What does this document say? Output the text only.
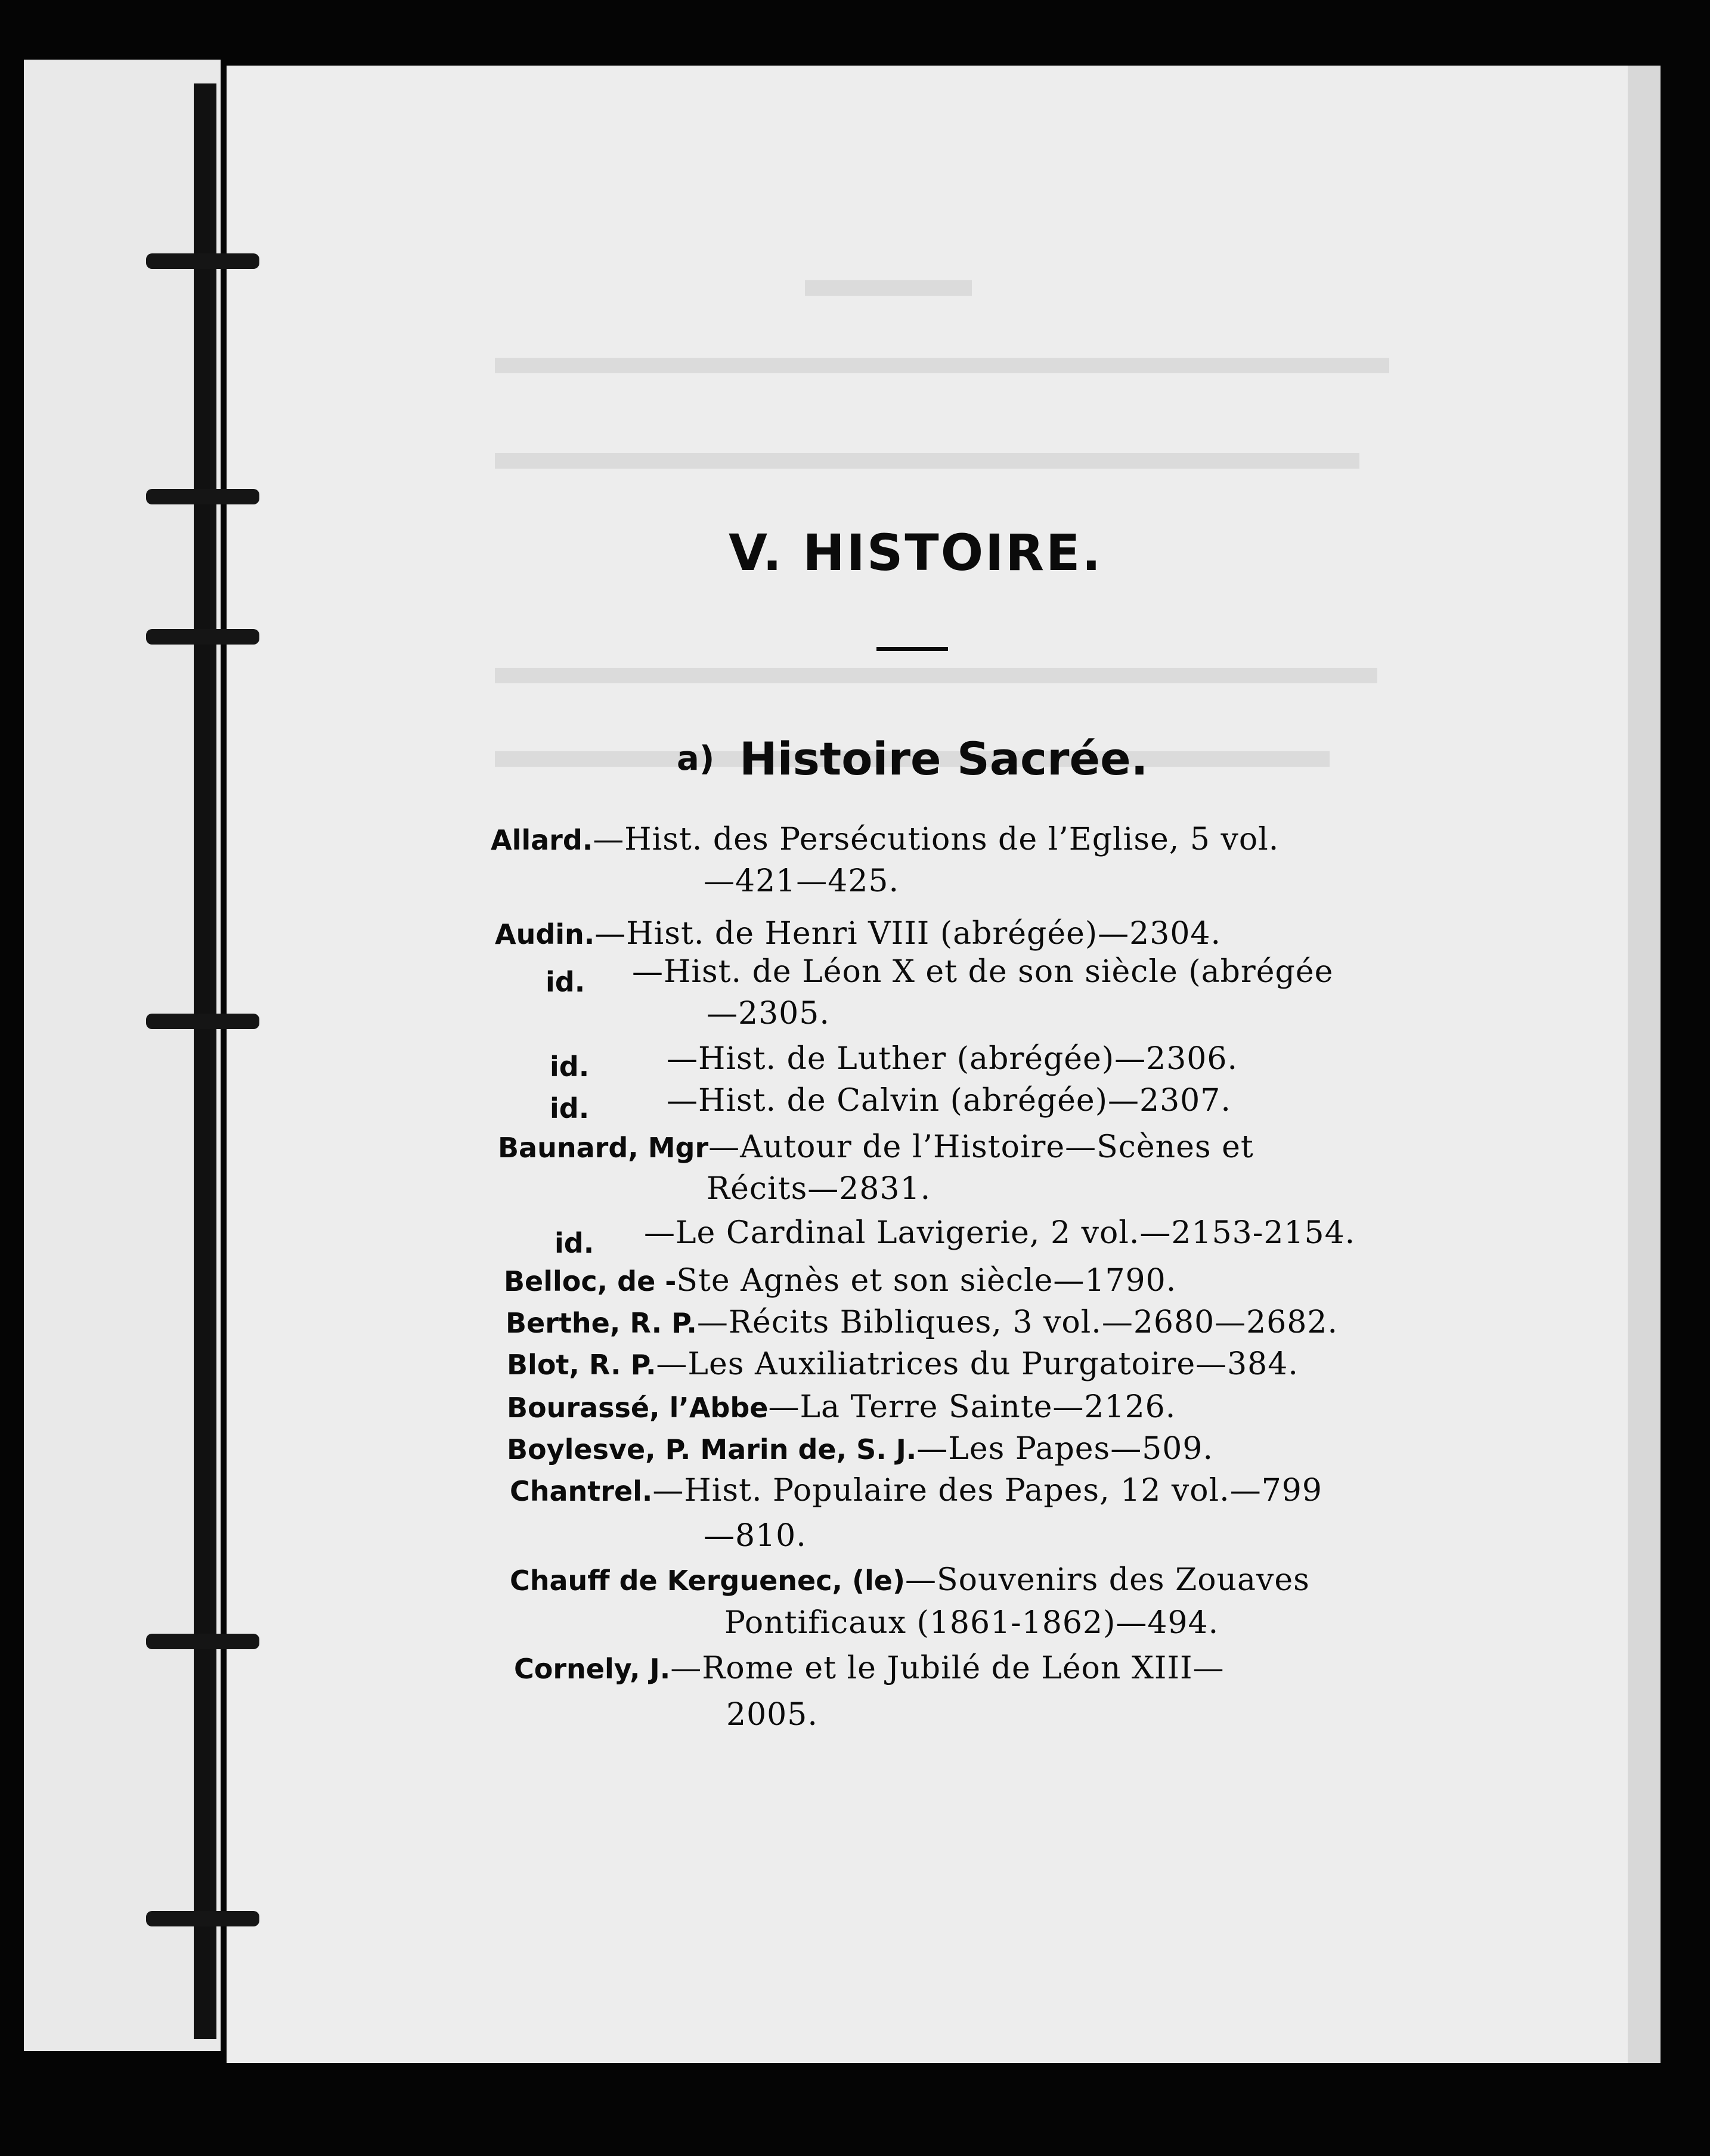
V. HISTOIRE.
a) Histoire Sacrée.
Allard.—Hist. des Persécutions de l’Eglise, 5 vol.
—421—425.
Audin.—Hist. de Henri VIII (abrégée)—2304.
id. —Hist. de Léon X et de son siècle (abrégée
—2305.
id. —Hist. de Luther (abrégée)—2306.
id. —Hist. de Calvin (abrégée)—2307.
Baunard, Mgr—Autour de l’Histoire—Scènes et
Récits—2831.
id. —Le Cardinal Lavigerie, 2 vol.—2153-2154.
Belloc, de -Ste Agnès et son siècle—1790.
Berthe, R. P.—Récits Bibliques, 3 vol.—2680—2682.
Blot, R. P.—Les Auxiliatrices du Purgatoire—384.
Bourassé, l’Abbe—La Terre Sainte—2126.
Boylesve, P. Marin de, S. J.—Les Papes—509.
Chantrel.—Hist. Populaire des Papes, 12 vol.—799
—810.
Chauff de Kerguenec, (le)—Souvenirs des Zouaves
Pontificaux (1861-1862)—494.
Cornely, J.—Rome et le Jubilé de Léon XIII—
2005.
